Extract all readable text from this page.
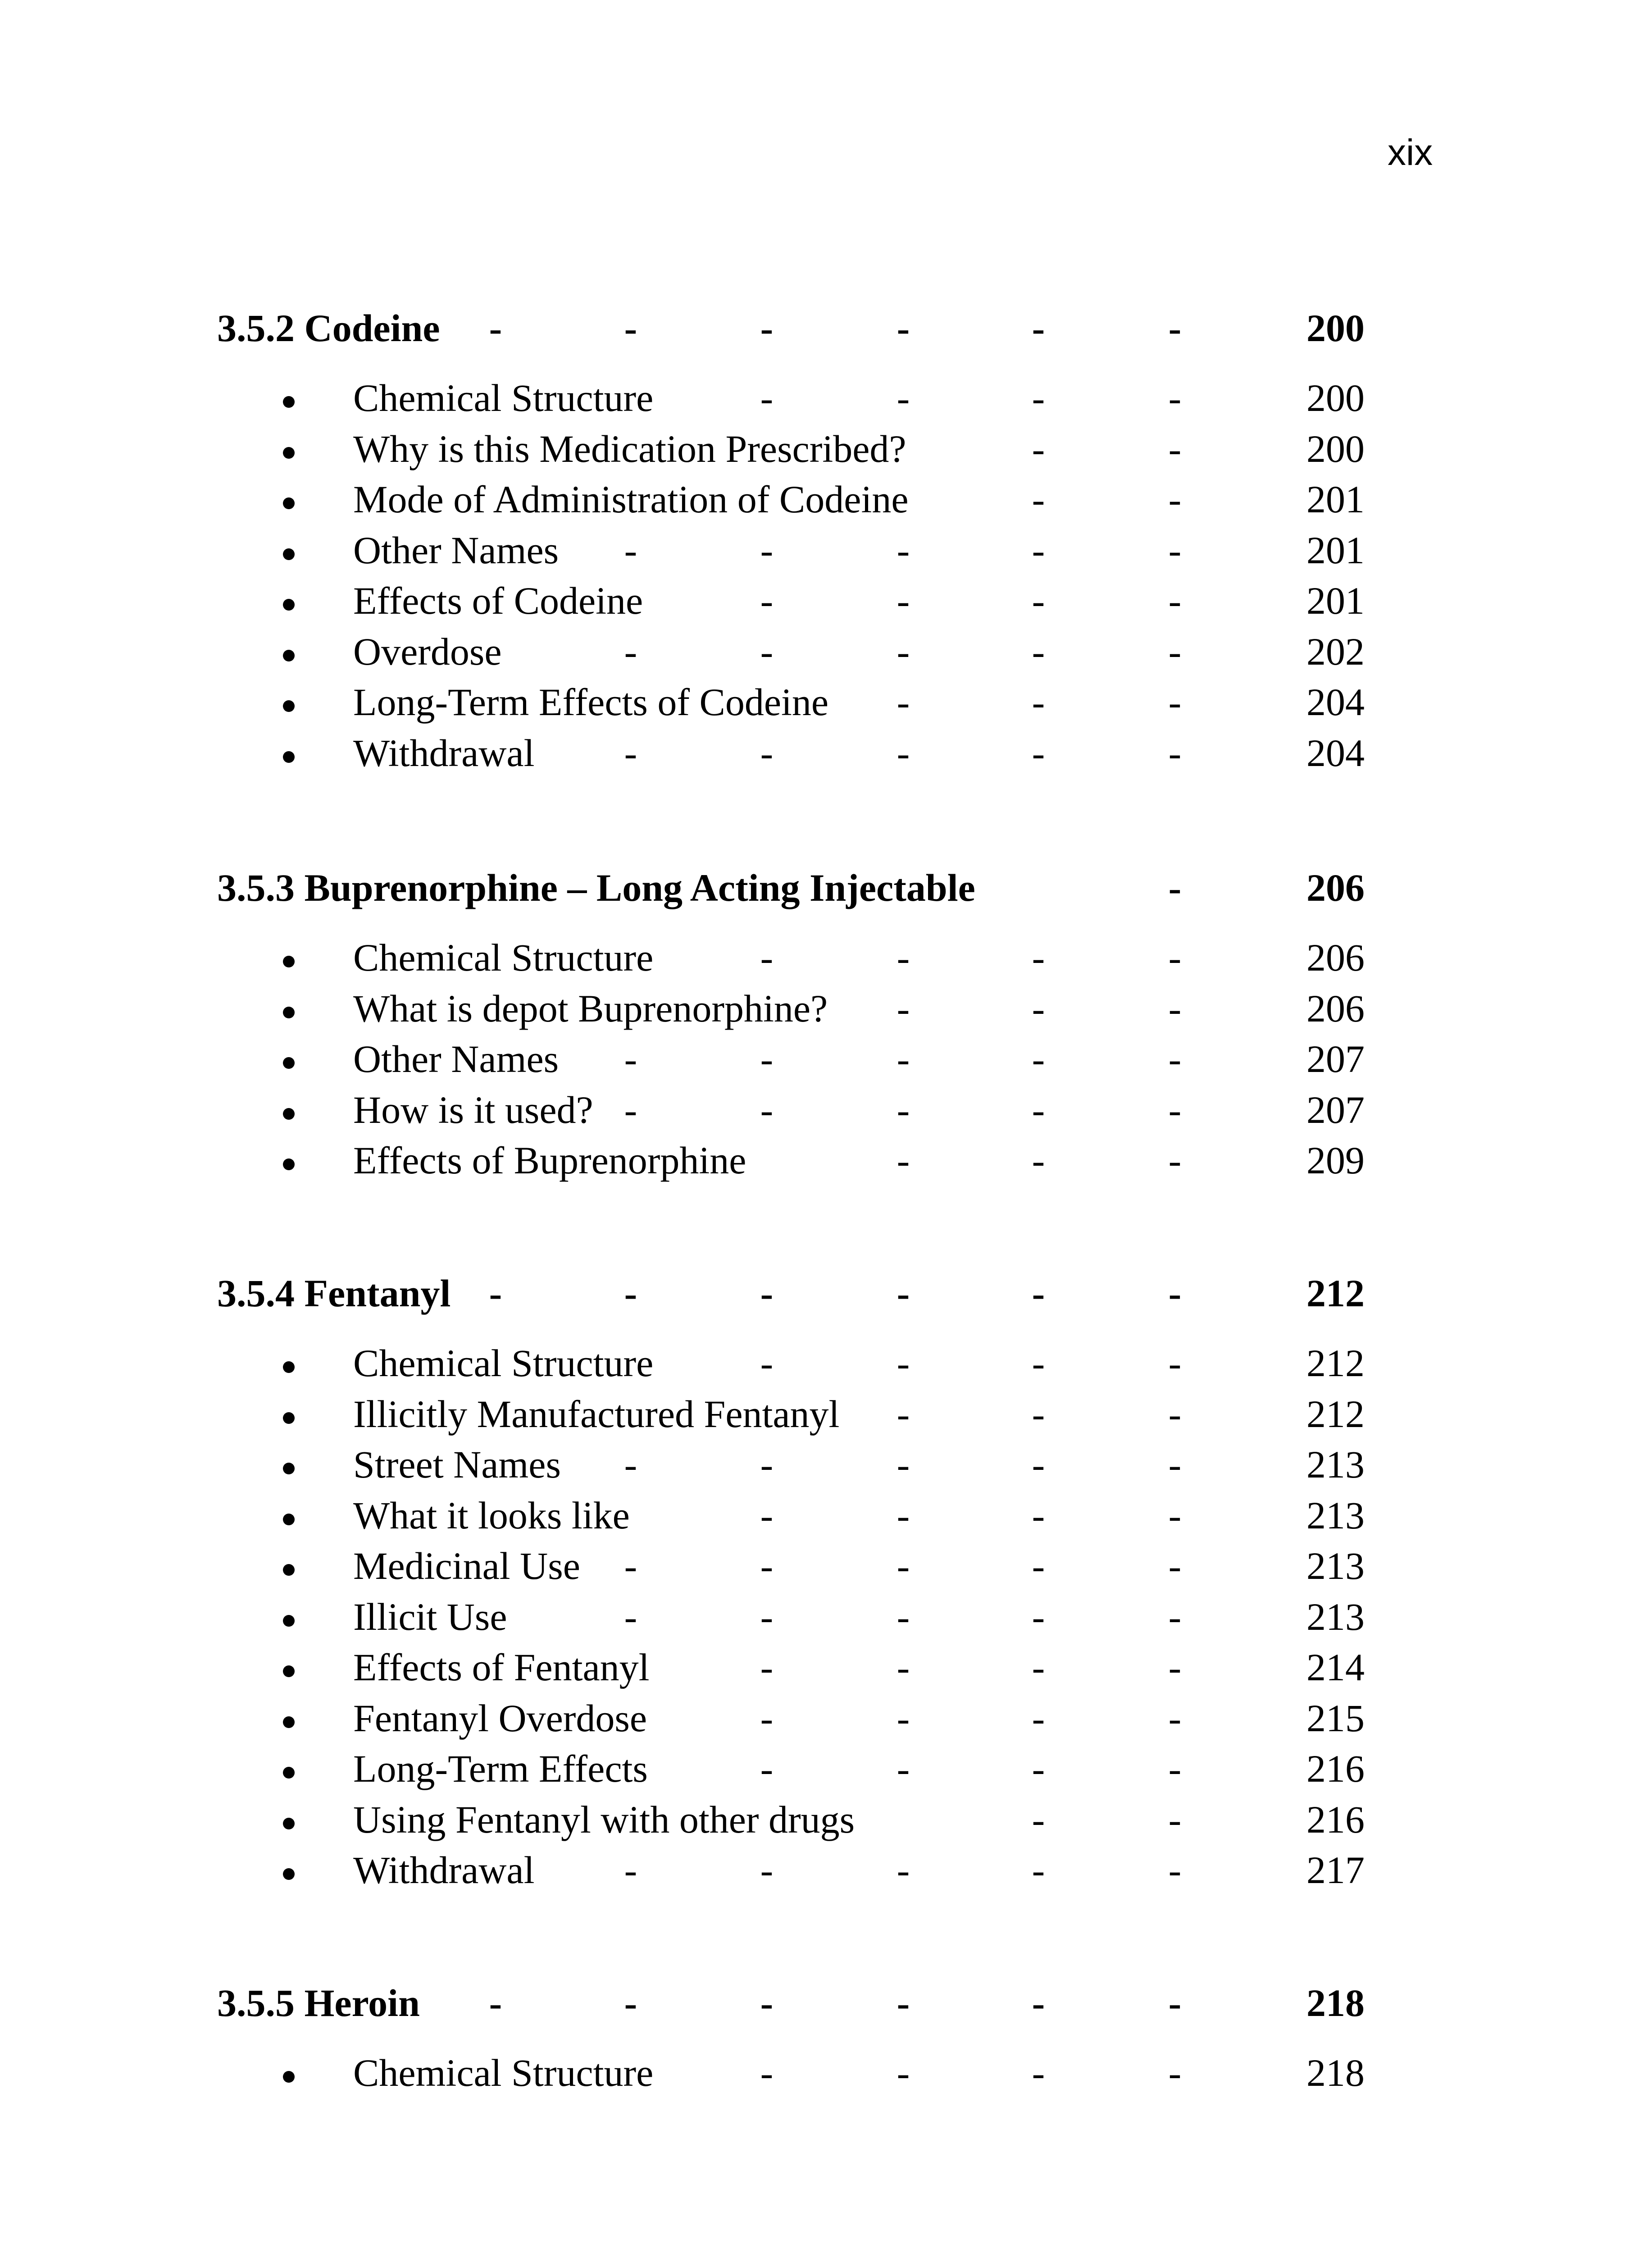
xix
3.5.2 Codeine -	-	-	-	-	-	200
Chemical Structure	-	-	-	-	200
Why is this Medication Prescribed?	-	-	200
Mode of Administration of Codeine	-	-	201
Other Names -	-	-	-	-	201
Effects of Codeine	-	-	-	-	201
Overdose	-	-	-	-	-	202
Long-Term Effects of Codeine -	-	-	204
Withdrawal -	-	-	-	-	204
3.5.3 Buprenorphine – Long Acting Injectable	-	206
Chemical Structure	-	-	-	-	206
What is depot Buprenorphine? -	-	-	206
Other Names -	-	-	-	-	207
How is it used? -	-	-	-	-	207
Effects of Buprenorphine	-	-	-	209
3.5.4 Fentanyl -	-	-	-	-	-	212
Chemical Structure	-	-	-	-	212
Illicitly Manufactured Fentanyl -	-	-	212
Street Names -	-	-	-	-	213
What it looks like	-	-	-	-	213
Medicinal Use -	-	-	-	-	213
Illicit Use	-	-	-	-	-	213
Effects of Fentanyl	-	-	-	-	214
Fentanyl Overdose	-	-	-	-	215
Long-Term Effects	-	-	-	-	216
Using Fentanyl with other drugs	-	-	216
Withdrawal -	-	-	-	-	217
3.5.5 Heroin -	-	-	-	-	-	218
Chemical Structure	-	-	-	-	218
